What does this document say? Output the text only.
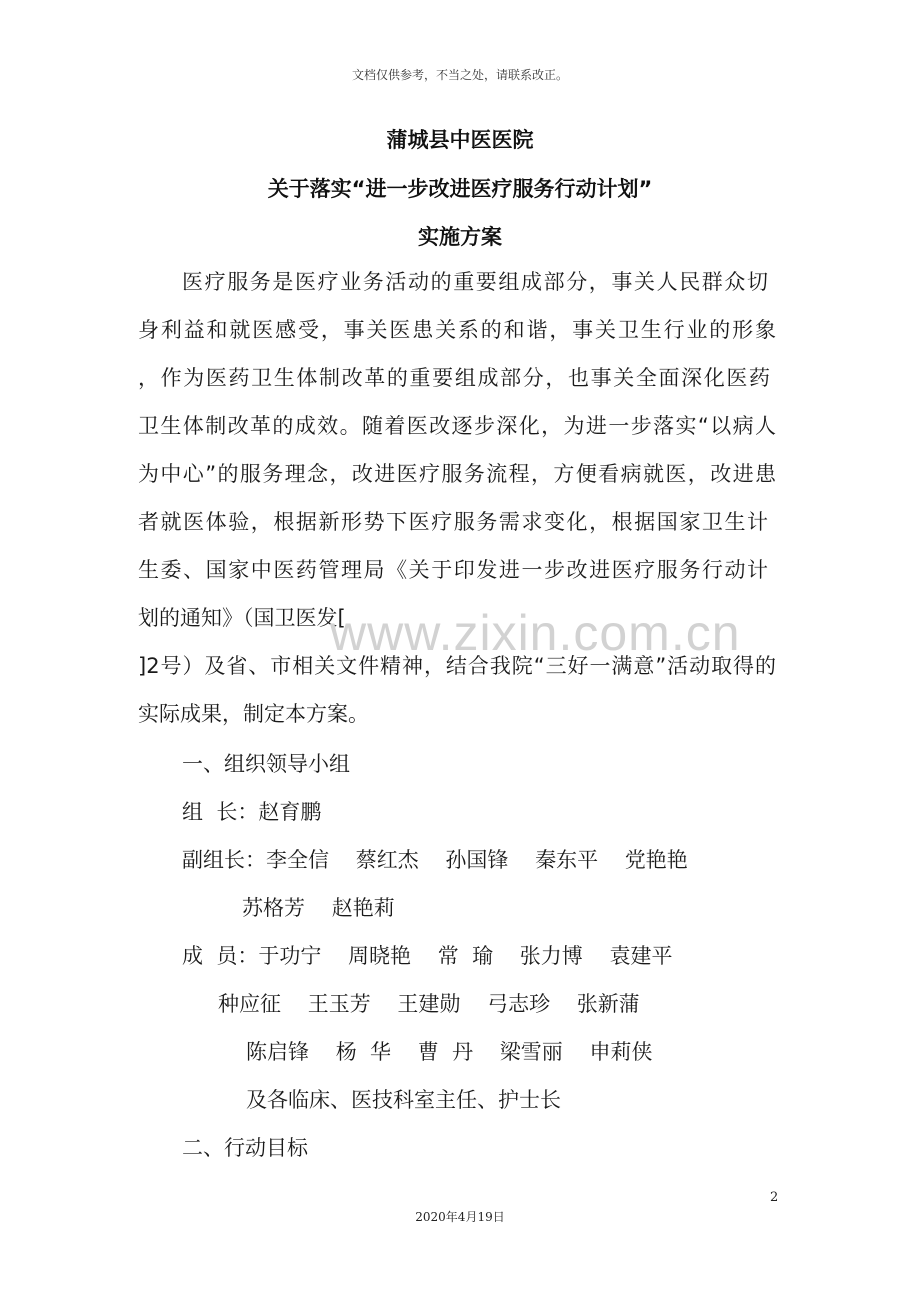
文档仅供参考，不当之处，请联系改正。
蒲城县中医医院
关于落实“进一步改进医疗服务行动计划”
实施方案
医疗服务是医疗业务活动的重要组成部分，事关人民群众切
身利益和就医感受，事关医患关系的和谐，事关卫生行业的形象
，作为医药卫生体制改革的重要组成部分，也事关全面深化医药
卫生体制改革的成效。随着医改逐步深化，为进一步落实“以病人
为中心”的服务理念，改进医疗服务流程，方便看病就医，改进患
者就医体验，根据新形势下医疗服务需求变化，根据国家卫生计
生委、国家中医药管理局《关于印发进一步改进医疗服务行动计
划的通知》（国卫医发[
]2号）及省、市相关文件精神，结合我院“三好一满意”活动取得的
实际成果，制定本方案。
www.zixin.com.cn
一、组织领导小组
组  长：赵育鹏
副组长：李全信    蔡红杰    孙国锋    秦东平    党艳艳
苏格芳    赵艳莉
成  员：于功宁    周晓艳    常  瑜    张力博    袁建平
种应征    王玉芳    王建勋    弓志珍    张新蒲
陈启锋    杨  华    曹  丹    梁雪丽    申莉侠
及各临床、医技科室主任、护士长
二、行动目标
2
2020年4月19日
